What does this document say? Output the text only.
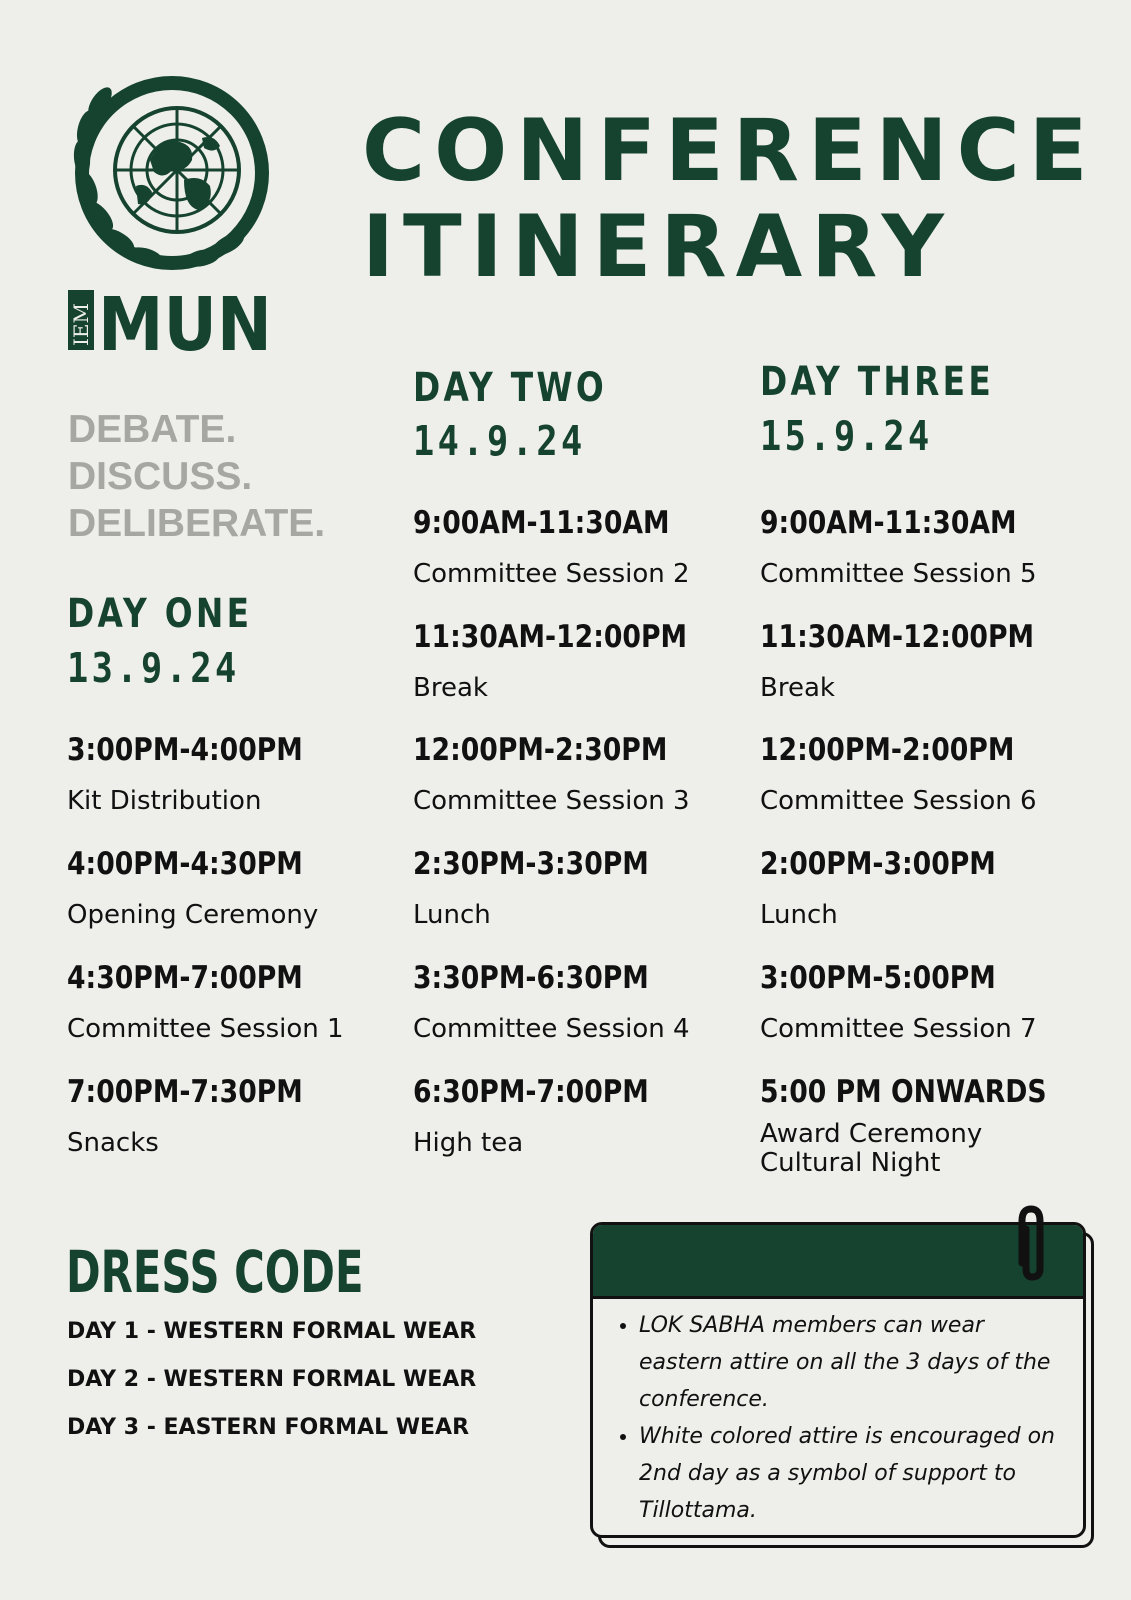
IEM MUN
CONFERENCE
ITINERARY
DEBATE.
DISCUSS.
DELIBERATE.
DAY ONE
13.9.24
3:00PM-4:00PM
Kit Distribution
4:00PM-4:30PM
Opening Ceremony
4:30PM-7:00PM
Committee Session 1
7:00PM-7:30PM
Snacks
DAY TWO
14.9.24
9:00AM-11:30AM
Committee Session 2
11:30AM-12:00PM
Break
12:00PM-2:30PM
Committee Session 3
2:30PM-3:30PM
Lunch
3:30PM-6:30PM
Committee Session 4
6:30PM-7:00PM
High tea
DAY THREE
15.9.24
9:00AM-11:30AM
Committee Session 5
11:30AM-12:00PM
Break
12:00PM-2:00PM
Committee Session 6
2:00PM-3:00PM
Lunch
3:00PM-5:00PM
Committee Session 7
5:00 PM ONWARDS
Award Ceremony
Cultural Night
DRESS CODE
DAY 1 - WESTERN FORMAL WEAR
DAY 2 - WESTERN FORMAL WEAR
DAY 3 - EASTERN FORMAL WEAR
• LOK SABHA members can wear eastern attire on all the 3 days of the conference.
• White colored attire is encouraged on 2nd day as a symbol of support to Tillottama.
